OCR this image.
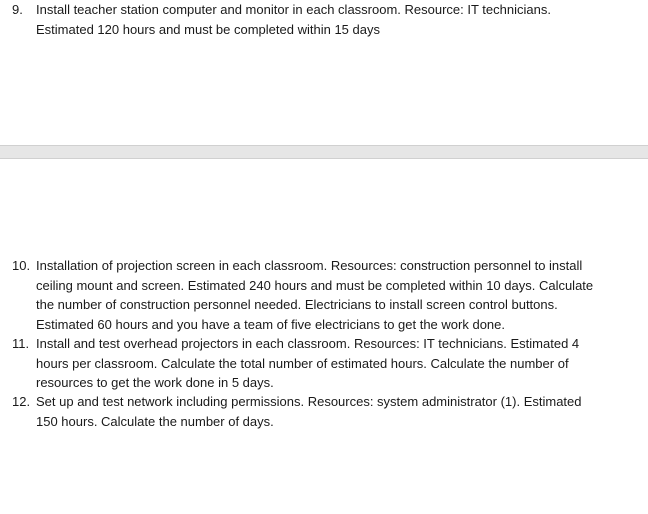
9.	Install teacher station computer and monitor in each classroom. Resource: IT technicians.
Estimated 120 hours and must be completed within 15 days
10. Installation of projection screen in each classroom. Resources: construction personnel to install
ceiling mount and screen. Estimated 240 hours and must be completed within 10 days. Calculate
the number of construction personnel needed. Electricians to install screen control buttons.
Estimated 60 hours and you have a team of five electricians to get the work done.
11. Install and test overhead projectors in each classroom. Resources: IT technicians. Estimated 4
hours per classroom. Calculate the total number of estimated hours. Calculate the number of
resources to get the work done in 5 days.
12. Set up and test network including permissions. Resources: system administrator (1). Estimated
150 hours. Calculate the number of days.
